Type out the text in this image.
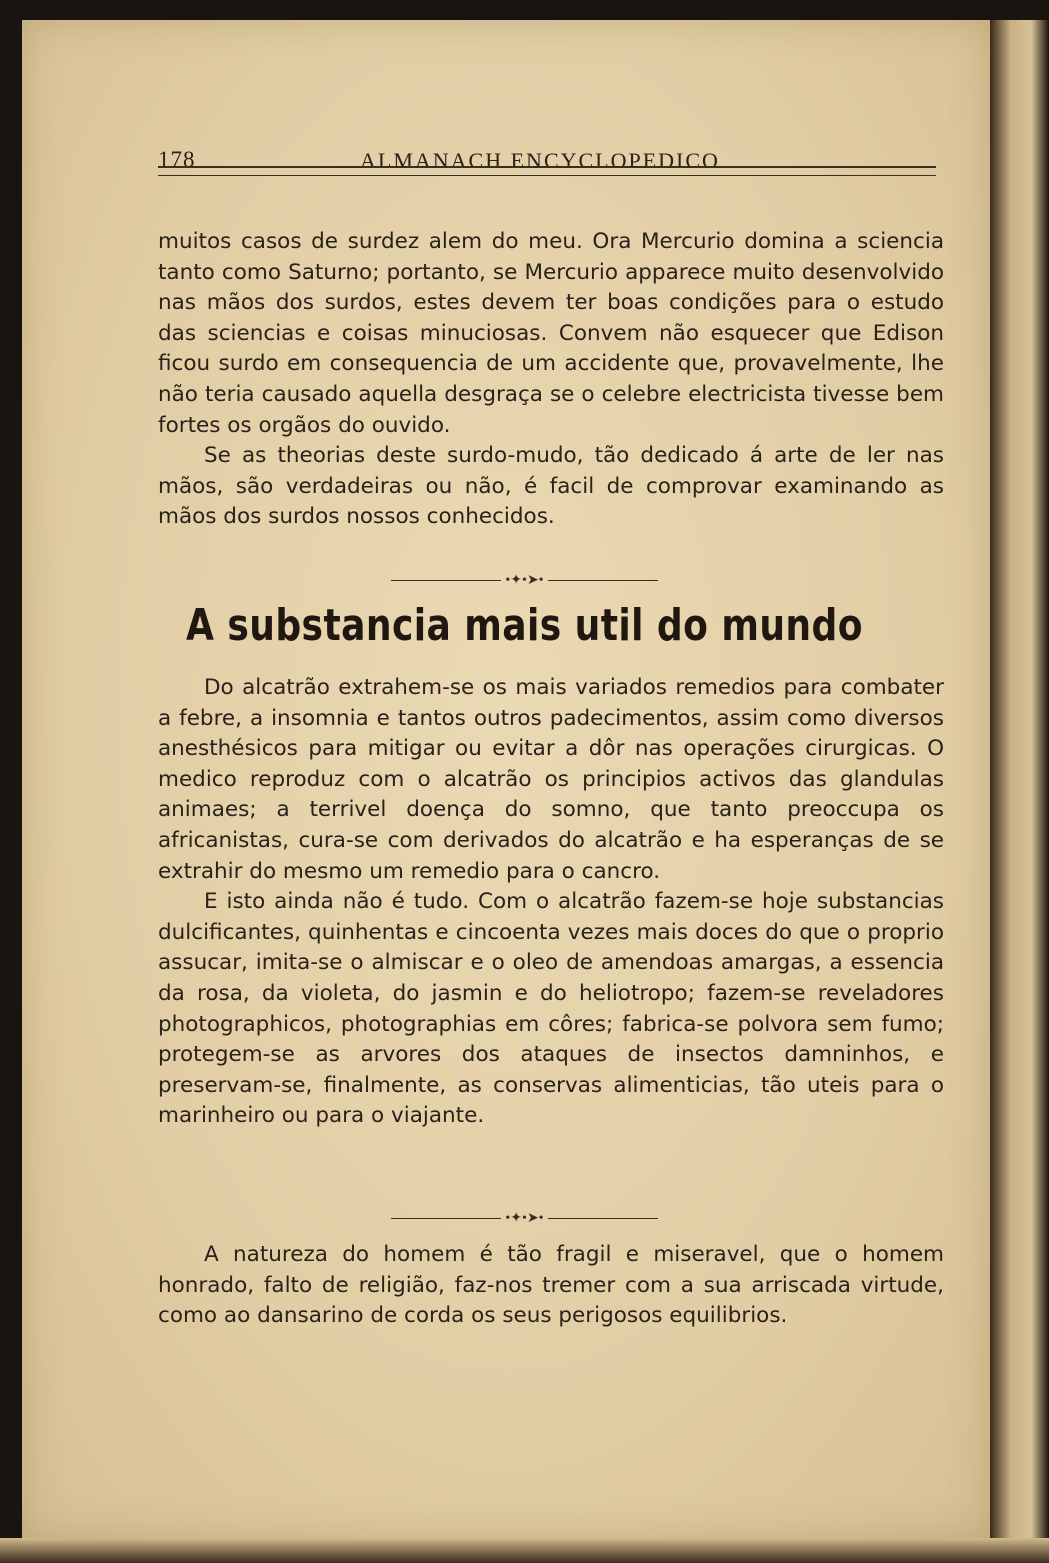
178	ALMANACH ENCYCLOPEDICO

muitos casos de surdez alem do meu. Ora Mercurio domina a sciencia tanto como Saturno; portanto, se Mercurio apparece muito desenvolvido nas mãos dos surdos, estes devem ter boas condições para o estudo das sciencias e coisas minuciosas. Convem não esquecer que Edison ficou surdo em consequencia de um accidente que, provavelmente, lhe não teria causado aquella desgraça se o celebre electricista tivesse bem fortes os orgãos do ouvido.

Se as theorias deste surdo-mudo, tão dedicado á arte de ler nas mãos, são verdadeiras ou não, é facil de comprovar examinando as mãos dos surdos nossos conhecidos.

•✦•➤•
A substancia mais util do mundo

Do alcatrão extrahem-se os mais variados remedios para combater a febre, a insomnia e tantos outros padecimentos, assim como diversos anesthésicos para mitigar ou evitar a dôr nas operações cirurgicas. O medico reproduz com o alcatrão os principios activos das glandulas animaes; a terrivel doença do somno, que tanto preoccupa os africanistas, cura-se com derivados do alcatrão e ha esperanças de se extrahir do mesmo um remedio para o cancro.

E isto ainda não é tudo. Com o alcatrão fazem-se hoje substancias dulcificantes, quinhentas e cincoenta vezes mais doces do que o proprio assucar, imita-se o almiscar e o oleo de amendoas amargas, a essencia da rosa, da violeta, do jasmin e do heliotropo; fazem-se reveladores photographicos, photographias em côres; fabrica-se polvora sem fumo; protegem-se as arvores dos ataques de insectos damninhos, e preservam-se, finalmente, as conservas alimenticias, tão uteis para o marinheiro ou para o viajante.

•✦•➤•

A natureza do homem é tão fragil e miseravel, que o homem honrado, falto de religião, faz-nos tremer com a sua arriscada virtude, como ao dansarino de corda os seus perigosos equilibrios.
